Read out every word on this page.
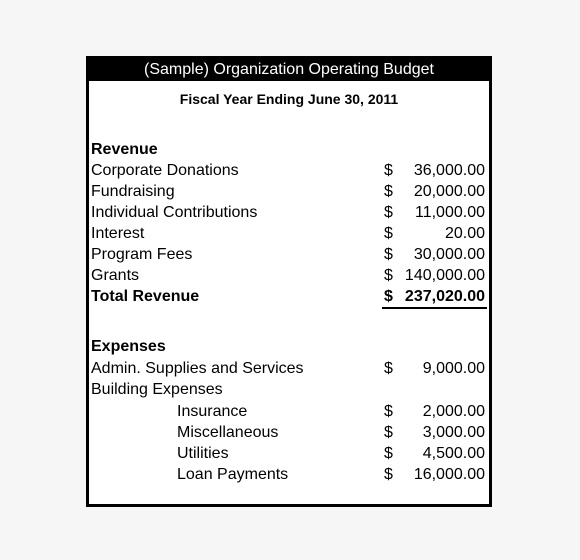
(Sample) Organization Operating Budget
Fiscal Year Ending June 30, 2011
Revenue
Corporate Donations	$ 36,000.00
Fundraising	$ 20,000.00
Individual Contributions	$ 11,000.00
Interest	$	20.00
Program Fees	$ 30,000.00
Grants	$ 140,000.00
Total Revenue	$ 237,020.00
Expenses
Admin. Supplies and Services	$ 9,000.00
Building Expenses
Insurance	$ 2,000.00
Miscellaneous	$ 3,000.00
Utilities	$ 4,500.00
Loan Payments	$ 16,000.00
